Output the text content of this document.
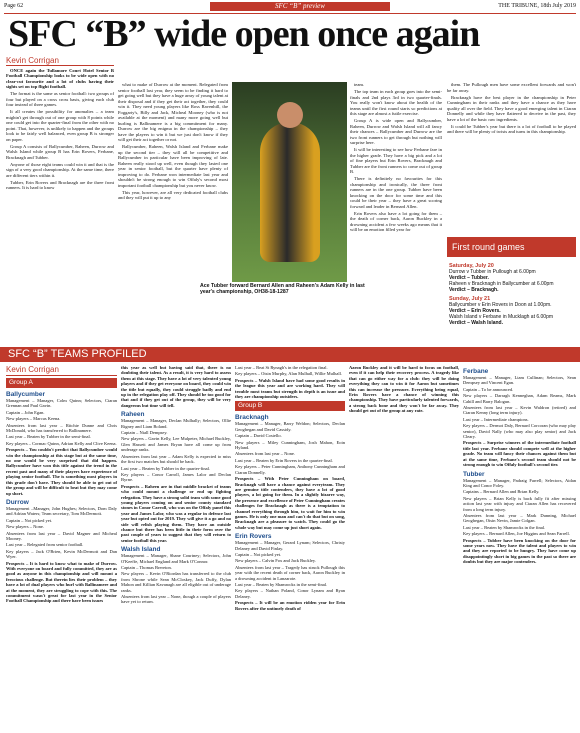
Page 62	SFC “B” preview	THE TRIBUNE, 18th July 2019
SFC “B” wide open once again
Kevin Corrigan

ONCE again the Tullamore Court Hotel Senior B Football Championship looks to be wide open with no clear-cut favourite and a lot of clubs having their sights set on top flight football.

The format is the same as senior football: two groups of four but played on a cross cross basis, giving each club four instead of three games.

It all creates the possibility for anomalies – a team mightn't get through out of one group with 8 points while one could get into the quarter-final from the other with no point. That, however, is unlikely to happen and the groups look to be fairly well balanced, even group B is stronger on paper.

Group A consists of Ballycumber, Raheen, Durrow and Walsh Island while group B has Erin Rovers, Ferbane, Bracknagh and Tubber.

Anyone of those eight teams could win it and that is the sign of a very good championship. At the same time, there are different tiers within it.

Tubber, Erin Rovers and Bracknagh are the three front runners. It is hard to know

what to make of Durrow at the moment. Relegated from senior football last year, they seem to be finding it hard to get going well but they have a huge array of young talent at their disposal and if they get their act together, they could win it. They need young players like Ross Ravenhill, the Foggarty's, Billy and Jack, Micheal Mooney (who is not available at the moment) and many more going well but hurling is Ballinamere is a big commitment for many. Durrow are the big enigma in the championship – they have the players to win it but we just don't know if they will get their act together or not.

Ballycumber, Raheen, Walsh Island and Ferbane make up the second tier – they will all be competitive and Ballycumber in particular have been improving of late. Raheen really stood up well, even though they lasted one year in senior football, but the quarter have plenty of improving to do. Ferbane won intermediate last year and shouldn't be strong enough to win Offaly's second most important football championship but you never know.

This year, however, are all very dedicated football clubs and they will put it up to any

Ace Tubber forward Bernard Allen and Raheen's Adam Kelly in last year's championship, OH38-18-1287

team.

The top team in each group goes into the semi-finals and 2nd plays 3rd in two quarter-finals. You really won't know about the health of the teams until the first round starts so predictions at this stage are almost a futile exercise.

Group A is wide open and Ballycumber, Raheen, Durrow and Walsh Island will all fancy their chances – Ballycumber and Durrow are the two front runners to get through but nothing will surprise here.

It will be interesting to see how Ferbane fare in the higher grade. They have a big pick and a lot of fine players but Erin Rovers, Bracknagh and Tubber are the front runners to come out of group B.

There is definitely no favourites for this championship and ironically, the three front runners are in the one group. Tubber have been knocking on the door for some time and this could be their year – they have a great scoring forward and leader in Bernard Allen.

Erin Rovers also have a lot going for them – the death of corner back, Aaron Buckley in a drowning accident a few weeks ago means that it will be an emotion filled year for

them. The Pullough men have some excellent forwards and won't be far away.

Bracknagh have the best player in the championship in Peter Cunningham in their ranks and they have a chance as they have quality all over the field. They have a good emerging talent in Ciaran Donnelly and while they have flattered to deceive in the past, they have a lot of the basic raw ingredients.

It could be Tubber's year but there is a lot of football to be played and there will be plenty of twists and turns in this championship.

First round games
Saturday, July 20
Durrow v Tubber in Pullough at 6.00pm
Verdict – Tubber.
Raheen v Bracknagh in Ballycumber at 6.00pm
Verdict – Bracknagh.
Sunday, July 21
Ballycumber v Erin Rovers in Doon at 1.00pm.
Verdict – Erin Rovers.
Walsh Island v Ferbane in Mucklagh at 6.00pm
Verdict – Walsh Island.
SFC “B” TEAMS PROFILED
Kevin Corrigan
Group A
Ballycumber
Management – Manager, Colm Quinn; Selectors, Ciaran Grennan and Paul Gavin.
Captain – John Egan.
New players – Marcus Keena.
Absentees from last year – Ritchie Dunne and Chris McDonald, who has transferred to Ballinamere.
Last year – Beaten by Tubber in the semi-final.
Key players – Cormac Quinn, Adrian Kelly and Clive Keena.
Prospects – You couldn't predict that Ballycumber would win the championship at this stage but at the same time, no one would be very surprised that did happen. Ballycumber have won this title against the trend in the recent past and many of their players have experience of playing senior football. The is something most players in this grade don't have. They should be able to get out of the group and will be difficult to beat but they may come up short.
Durrow
Management –Manager, John Hughes; Selectors, Dom Daly and Adrian Waters; Team secretary, Tom McDermott.
Captain – Not picked yet.
New players – None.
Absentees from last year – David Magner and Micheal Mooney.
Last year – Relegated from senior football.
Key players – Jack O'Brien, Kevin McDermott and Dan Wyer.
Prospects – It is hard to know what to make of Durrow. With everyone on board and fully committed, they are as good as anyone in this championship and will mount a ferocious challenge. But therein lies their problem – they have a lot of dual players who hurl with Ballinamere and at the moment, they are struggling to cope with this. The commitment wasn't great for last year in the Senior Football Championship and there have been issues
this year as well but having said that, there is no doubting their talent. As a result, it is very hard to assess them at this stage. They have a lot of very talented young players and if they get everyone on board, they could win the title but equally, they could struggle badly and end up in the relegation play off. They should be too good for that and if they get out of the group, they will be very dangerous but time will tell.
Raheen
Management – Manager, Declan Mulhally; Selectors, Ollie Rigney and Liam Boland.
Captain – Niall Dempsey.
New players – Gavin Kelly, Lee Mulpeter, Michael Buckley, Glen Hassett and James Bryan have all come up from underage ranks.
Absentees from last year – Adam Kelly is expected to miss the first two matches but should be back.
Last year – Beaten by Tubber in the quarter-final.
Key players – Conor Carroll, James Lalor and Declan Byrne.
Prospects – Raheen are in that middle bracket of teams who could mount a challenge or end up fighting relegation. They have a strong solid team with some good young players coming on and senior county standard stones in Conor Carroll, who was on the Offaly panel this year and James Lalor, who was a regular in defence last year but opted out for 2019. They will give it a go and no side will relish playing them. They have an outside chance but there has been little in their form over the past couple of years to suggest that they will return to senior football this year.
Walsh Island
Management – Manager, Shane Courtney; Selectors, John O'Keeffe, Michael England and Mark O'Connor.
Captain – Thomas Brereton.
New players – Kevin O'Riordan has transferred to the club from Shrone while Sean McCloskey, Jack Duffy, Dylan Mahon and Killian Kavanagh are all eligible out of underage ranks.
Absentees from last year – None, though a couple of players have yet to return.
Last year – Beat St Rynagh's in the relegation final.
Key players – Oisin Murphy, Alan Mulhall, Willie Mulhall.
Prospects – Walsh Island have had some good results in the league this year and are working hard. They will trouble most teams but strength in depth is an issue and they are championship outsiders.
Group B
Bracknagh
Management – Manager, Barry Weldon; Selectors, Declan Geoghegan and David Cassidy.
Captain – David Costello.
New players – Miley Cunningham, Josh Mahon, Eoin Hyland.
Absentees from last year – None.
Last year – Beaten by Erin Rovers in the quarter-final.
Key players – Peter Cunningham, Anthony Cunningham and Ciaran Donnelly.
Prospects – With Peter Cunningham on board, Bracknagh will have a chance against everyteam. They are genuine title contenders, they have a lot of good players, a lot going for them. In a slightly bizarre way, the presence and excellence of Peter Cunningham creates challenges for Bracknagh as there is a temptation to channel everything through him, to wait for him to win games. He is only one man and can't do that but on song, Bracknagh are a pleasure to watch. They could go the whole way but may come up just short again.
Erin Rovers
Management – Manager, Gerard Lynam; Selectors, Christy Delaney and David Finlay.
Captain – Not picked yet.
New players – Calvin Fox and Jack Buckley.
Absentees from last year – Tragedy has struck Pullough this year with the recent death of corner back, Aaron Buckley in a drowning accident in Lanzarote.
Last year – Beaten by Shamrocks in the semi-final.
Key players – Nathan Poland, Conor Lynam and Ryan Delaney.
Prospects – It will be an emotion ridden year for Erin Rovers after the untimely death of
Aaron Buckley and it will be hard to focus on football, even if it can help their recovery process. A tragedy like that can go either way for a club: they will be doing everything they can to win it for Aaron but sometimes this can increase the pressure. Everything being equal, Erin Rovers have a chance of winning this championship. They have particularly talented forwards, a strong back bone and they won't be far away. They should get out of the group at any rate.
Ferbane
Management – Manager, Liam Cullinan; Selectors, Sean Dempsey and Vincent Egan.
Captain – To be announced.
New players – Darragh Kenneghan, Adam Reams, Mark Cahill and Barry Balogun.
Absentees from last year – Kevin Waldron (retired) and Ciaran Kenny (long term injury).
Last year – Intermediate champions.
Key players – Dermot Daly, Bernard Corcoran (who may play senior), David Nally (who may also play senior) and Jack Cleary.
Prospects – Surprise winners of the intermediate football title last year. Ferbane should compete well at the higher grade. No team will fancy their chances against them but at the same time, Ferbane's second team should not be strong enough to win Offaly football's second tier.
Tubber
Management – Manager, Padraig Farrell; Selectors, Aidan King and Conor Foley.
Captains – Bernard Allen and Brian Kelly.
New players – Brian Kelly is back fully fit after missing action last year with injury and Ciaran Allen has recovered from a long term injury.
Absentees from last year – Mark Dunning, Michael Geoghegan, Oisin Nevin, Jamie Colgan.
Last year – Beaten by Shamrocks in the final.
Key players – Bernard Allen, Joe Higgins and Sean Farrell.
Prospects – Tubber have been knocking on the door for some years now. They have the talent and players to win and they are reported to be hungry. They have come up disappointingly short in big games in the past so there are doubts but they are major contenders.
